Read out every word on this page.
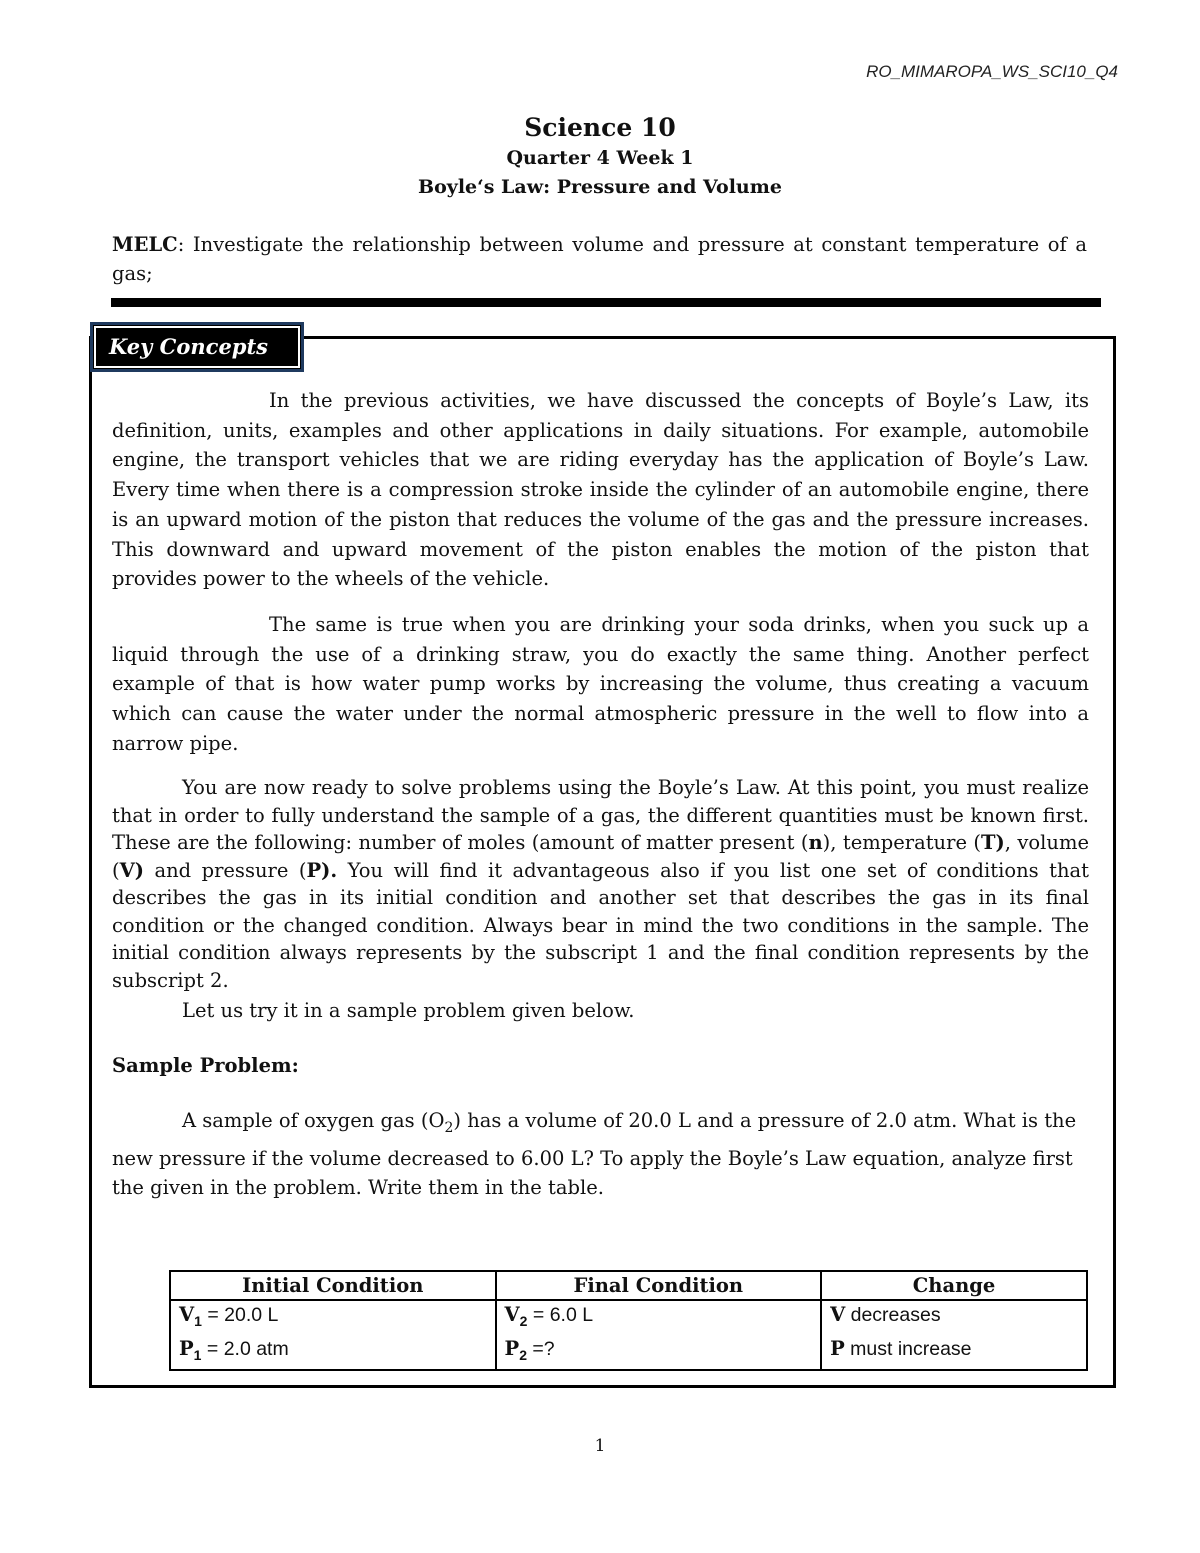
RO_MIMAROPA_WS_SCI10_Q4

Science 10

Quarter 4 Week 1

Boyle‘s Law: Pressure and Volume

MELC: Investigate the relationship between volume and pressure at constant temperature of a gas;
Key Concepts

In the previous activities, we have discussed the concepts of Boyle’s Law, its definition, units, examples and other applications in daily situations. For example, automobile engine, the transport vehicles that we are riding everyday has the application of Boyle’s Law. Every time when there is a compression stroke inside the cylinder of an automobile engine, there is an upward motion of the piston that reduces the volume of the gas and the pressure increases. This downward and upward movement of the piston enables the motion of the piston that provides power to the wheels of the vehicle.

The same is true when you are drinking your soda drinks, when you suck up a liquid through the use of a drinking straw, you do exactly the same thing. Another perfect example of that is how water pump works by increasing the volume, thus creating a vacuum which can cause the water under the normal atmospheric pressure in the well to flow into a narrow pipe.

You are now ready to solve problems using the Boyle’s Law. At this point, you must realize that in order to fully understand the sample of a gas, the different quantities must be known first. These are the following: number of moles (amount of matter present (n), temperature (T), volume (V) and pressure (P). You will find it advantageous also if you list one set of conditions that describes the gas in its initial condition and another set that describes the gas in its final condition or the changed condition. Always bear in mind the two conditions in the sample. The initial condition always represents by the subscript 1 and the final condition represents by the subscript 2.

Let us try it in a sample problem given below.

Sample Problem:

A sample of oxygen gas $(O_2)$ has a volume of 20.0 L and a pressure of 2.0 atm. What is the new pressure if the volume decreased to 6.00 L? To apply the Boyle’s Law equation, analyze first the given in the problem. Write them in the table.

Initial Condition	Final Condition	Change
$V_1 = 20.0$ L	$V_2 = 6.0$ L	V decreases
$P_1 = 2.0$ atm	$P_2$ =?	P must increase
1
